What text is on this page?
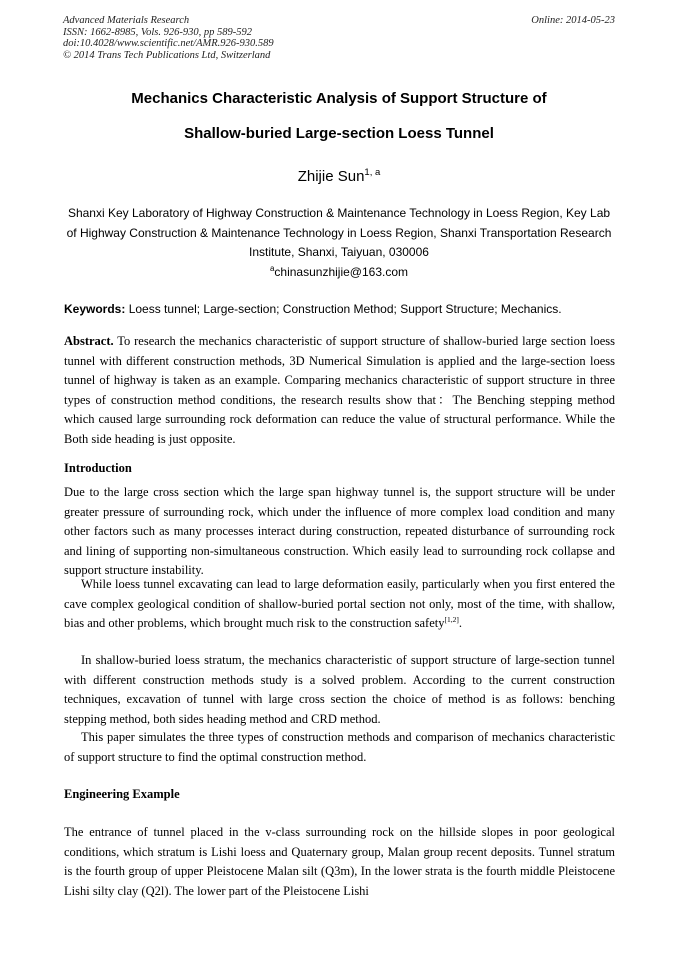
Advanced Materials Research
ISSN: 1662-8985, Vols. 926-930, pp 589-592
doi:10.4028/www.scientific.net/AMR.926-930.589
© 2014 Trans Tech Publications Ltd, Switzerland
Online: 2014-05-23
Mechanics Characteristic Analysis of Support Structure of
Shallow-buried Large-section Loess Tunnel
Zhijie Sun$^{1, a}$
Shanxi Key Laboratory of Highway Construction & Maintenance Technology in Loess Region, Key Lab of Highway Construction & Maintenance Technology in Loess Region, Shanxi Transportation Research Institute, Shanxi, Taiyuan, 030006
$^a$chinasunzhijie@163.com
Keywords: Loess tunnel; Large-section; Construction Method; Support Structure; Mechanics.
Abstract. To research the mechanics characteristic of support structure of shallow-buried large section loess tunnel with different construction methods, 3D Numerical Simulation is applied and the large-section loess tunnel of highway is taken as an example. Comparing mechanics characteristic of support structure in three types of construction method conditions, the research results show that：The Benching stepping method which caused large surrounding rock deformation can reduce the value of structural performance. While the Both side heading is just opposite.
Introduction
Due to the large cross section which the large span highway tunnel is, the support structure will be under greater pressure of surrounding rock, which under the influence of more complex load condition and many other factors such as many processes interact during construction, repeated disturbance of surrounding rock and lining of supporting non-simultaneous construction. Which easily lead to surrounding rock collapse and support structure instability.
While loess tunnel excavating can lead to large deformation easily, particularly when you first entered the cave complex geological condition of shallow-buried portal section not only, most of the time, with shallow, bias and other problems, which brought much risk to the construction safety[1,2].
In shallow-buried loess stratum, the mechanics characteristic of support structure of large-section tunnel with different construction methods study is a solved problem. According to the current construction techniques, excavation of tunnel with large cross section the choice of method is as follows: benching stepping method, both sides heading method and CRD method.
This paper simulates the three types of construction methods and comparison of mechanics characteristic of support structure to find the optimal construction method.
Engineering Example
The entrance of tunnel placed in the v-class surrounding rock on the hillside slopes in poor geological conditions, which stratum is Lishi loess and Quaternary group, Malan group recent deposits. Tunnel stratum is the fourth group of upper Pleistocene Malan silt (Q3m), In the lower strata is the fourth middle Pleistocene Lishi silty clay (Q2l). The lower part of the Pleistocene Lishi
